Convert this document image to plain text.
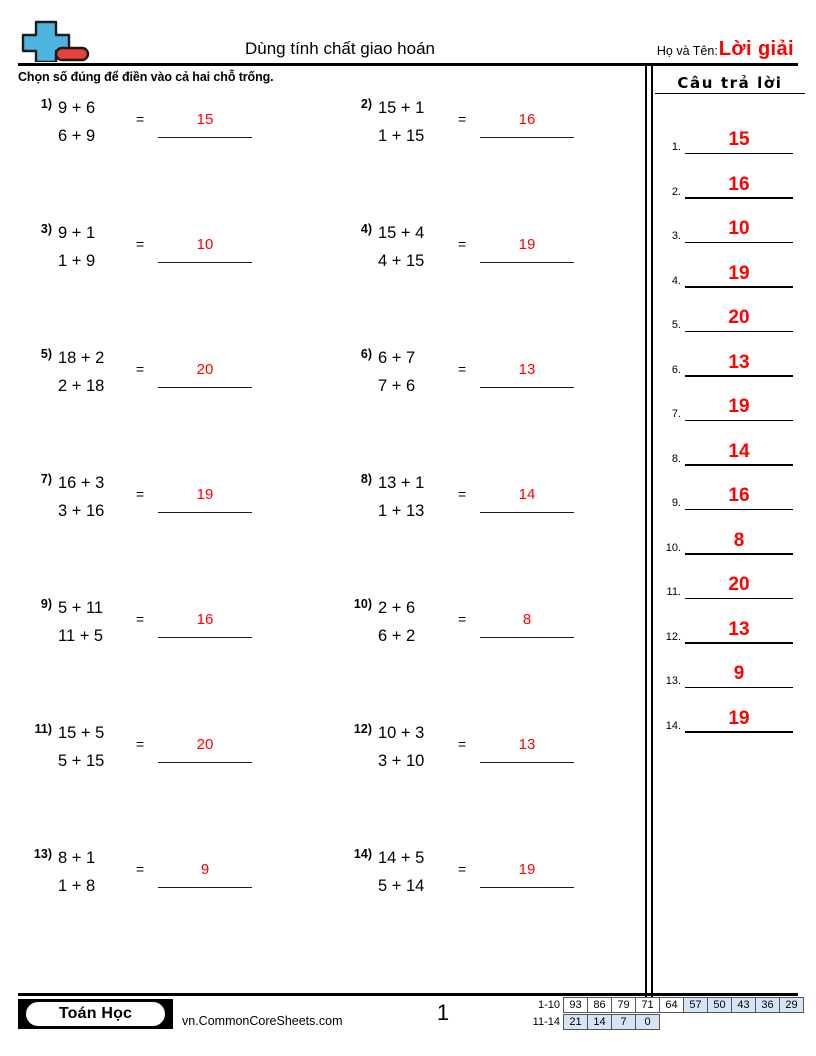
Dùng tính chất giao hoán	Họ và Tên: Lời giải
Chọn số đúng để điền vào cả hai chỗ trống.
1) 9 + 6
6 + 9
=	15
2) 15 + 1
1 + 15
=	16
3) 9 + 1
1 + 9
=	10
4) 15 + 4
4 + 15
=	19
5) 18 + 2
2 + 18
=	20
6) 6 + 7
7 + 6
=	13
7) 16 + 3
3 + 16
=	19
8) 13 + 1
1 + 13
=	14
9) 5 + 11
11 + 5
=	16
10) 2 + 6
6 + 2
=	8
11) 15 + 5
5 + 15
=	20
12) 10 + 3
3 + 10
=	13
13) 8 + 1
1 + 8
=	9
14) 14 + 5
5 + 14
=	19
Câu trả lời
1.	15
2.	16
3.	10
4.	19
5.	20
6.	13
7.	19
8.	14
9.	16
10.	8
11.	20
12.	13
13.	9
14.	19
Toán Học	vn.CommonCoreSheets.com	1	1-10 93	86	79	71	64	57	50	43	36	29
11-14 21	14	7	0
